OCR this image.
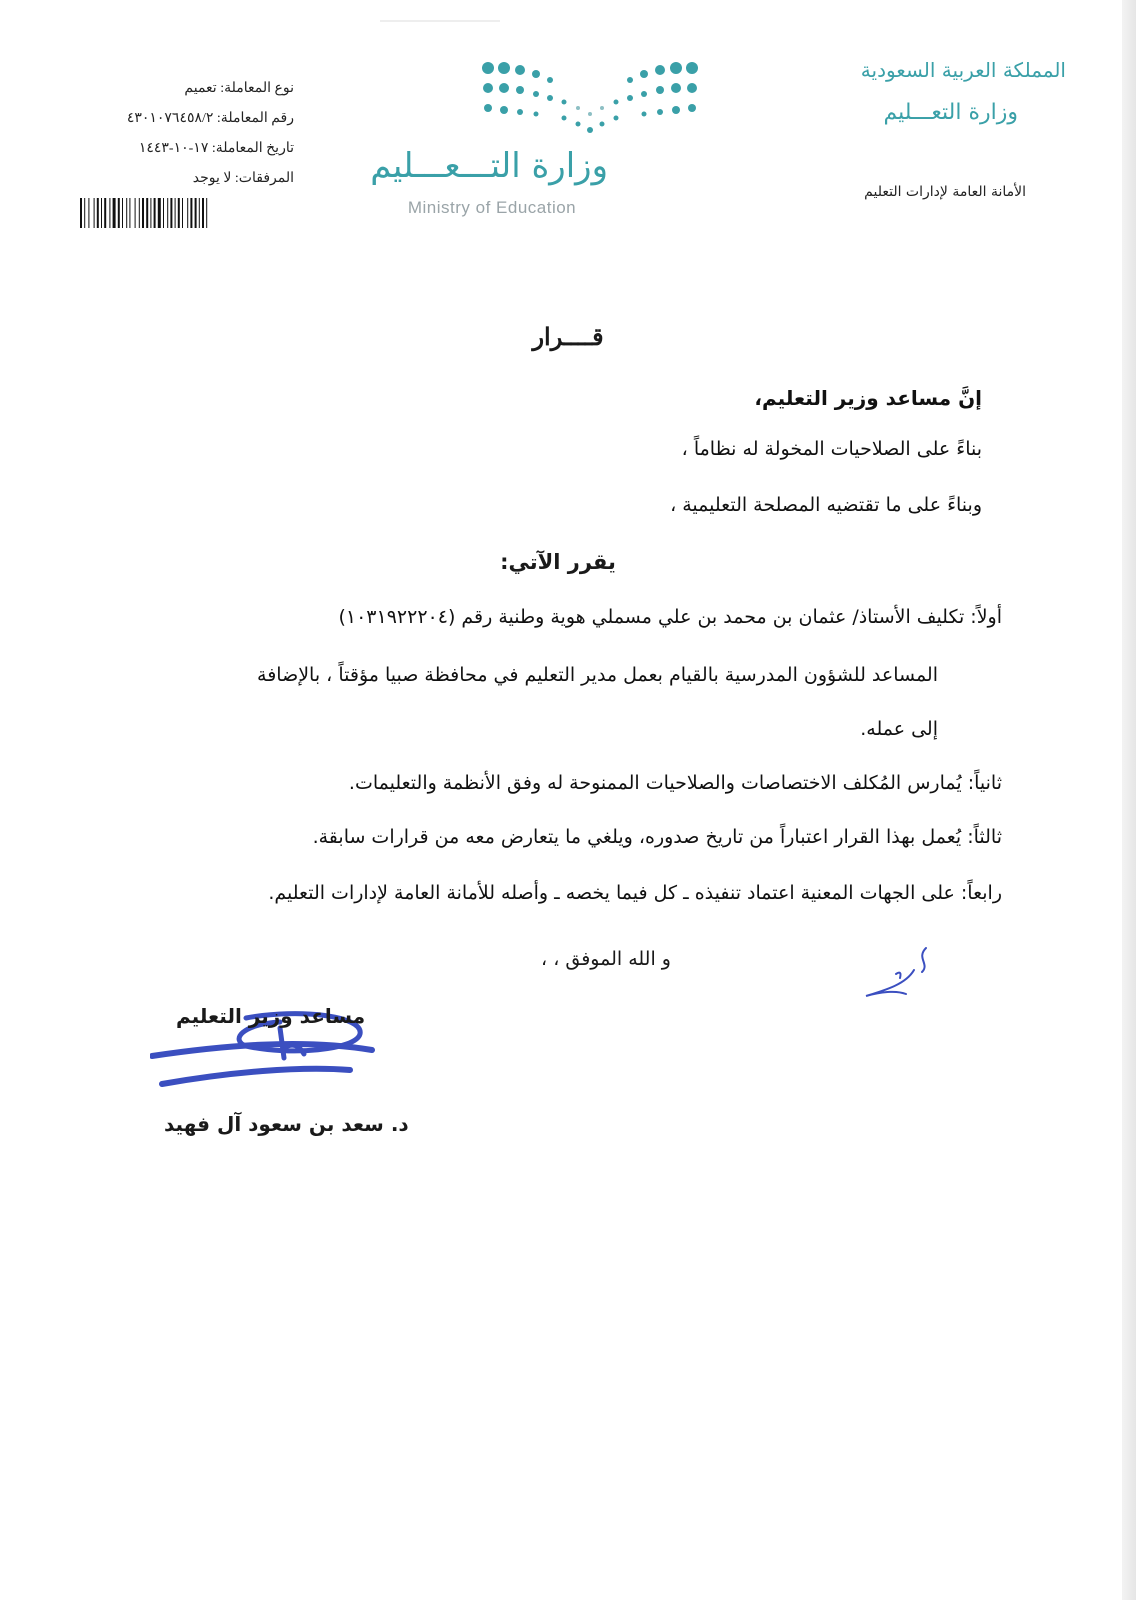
المملكة العربية السعودية
وزارة التعـــليم
الأمانة العامة لإدارات التعليم
وزارة التـــعـــليم
Ministry of Education
نوع المعاملة: تعميم
رقم المعاملة: ٤٣٠١٠٧٦٤٥٨/٢
تاريخ المعاملة: ١٧-١٠-١٤٤٣
المرفقات: لا يوجد
قــــرار
إنَّ مساعد وزير التعليم،
بناءً على الصلاحيات المخولة له نظاماً ،
وبناءً على ما تقتضيه المصلحة التعليمية ،
يقرر الآتي:
أولاً: تكليف الأستاذ/ عثمان بن محمد بن علي مسملي هوية وطنية رقم (١٠٣١٩٢٢٢٠٤)
المساعد للشؤون المدرسية بالقيام بعمل مدير التعليم في محافظة صبيا مؤقتاً ، بالإضافة
إلى عمله.
ثانياً: يُمارس المُكلف الاختصاصات والصلاحيات الممنوحة له وفق الأنظمة والتعليمات.
ثالثاً: يُعمل بهذا القرار اعتباراً من تاريخ صدوره، ويلغي ما يتعارض معه من قرارات سابقة.
رابعاً: على الجهات المعنية اعتماد تنفيذه ـ كل فيما يخصه ـ وأصله للأمانة العامة لإدارات التعليم.
و الله الموفق ، ،
مساعد وزير التعليم
د. سعد بن سعود آل فهيد
